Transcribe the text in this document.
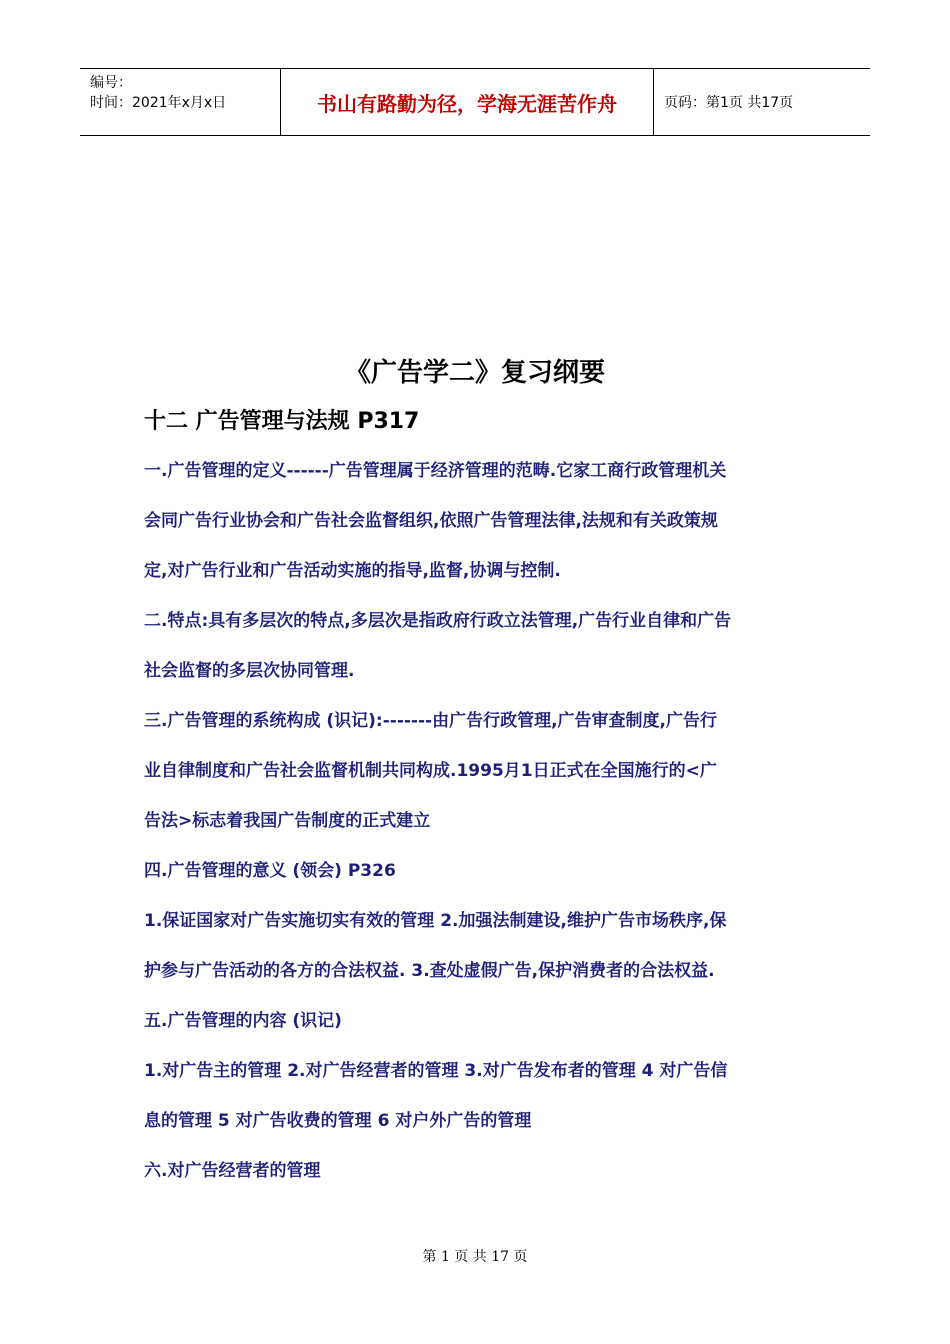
编号：
时间：2021年x月x日	书山有路勤为径，学海无涯苦作舟	页码：第1页 共17页
《广告学二》复习纲要
十二 广告管理与法规 P317
一.广告管理的定义------广告管理属于经济管理的范畴.它家工商行政管理机关
会同广告行业协会和广告社会监督组织,依照广告管理法律,法规和有关政策规
定,对广告行业和广告活动实施的指导,监督,协调与控制.
二.特点:具有多层次的特点,多层次是指政府行政立法管理,广告行业自律和广告
社会监督的多层次协同管理.
三.广告管理的系统构成 (识记):-------由广告行政管理,广告审查制度,广告行
业自律制度和广告社会监督机制共同构成.1995月1日正式在全国施行的<广
告法>标志着我国广告制度的正式建立
四.广告管理的意义 (领会) P326
1.保证国家对广告实施切实有效的管理 2.加强法制建设,维护广告市场秩序,保
护参与广告活动的各方的合法权益. 3.查处虚假广告,保护消费者的合法权益.
五.广告管理的内容 (识记)
1.对广告主的管理 2.对广告经营者的管理 3.对广告发布者的管理 4 对广告信
息的管理 5 对广告收费的管理 6 对户外广告的管理
六.对广告经营者的管理
第 1 页 共 17 页
